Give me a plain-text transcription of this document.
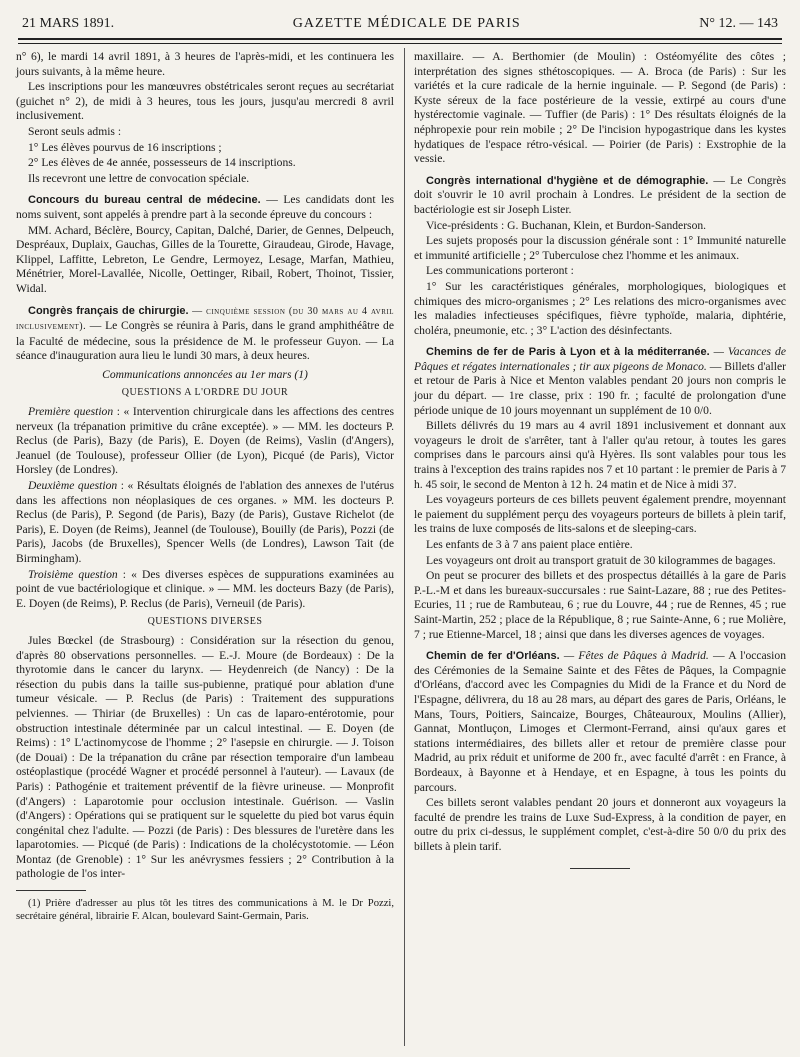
21 MARS 1891.	GAZETTE MÉDICALE DE PARIS	N° 12. — 143

n° 6), le mardi 14 avril 1891, à 3 heures de l'après-midi, et les continuera les jours suivants, à la même heure.

Les inscriptions pour les manœuvres obstétricales seront reçues au secrétariat (guichet n° 2), de midi à 3 heures, tous les jours, jusqu'au mercredi 8 avril inclusivement.

Seront seuls admis :

1° Les élèves pourvus de 16 inscriptions ;

2° Les élèves de 4e année, possesseurs de 14 inscriptions.

Ils recevront une lettre de convocation spéciale.

Concours du bureau central de médecine. — Les candidats dont les noms suivent, sont appelés à prendre part à la seconde épreuve du concours :

MM. Achard, Béclère, Bourcy, Capitan, Dalché, Darier, de Gennes, Delpeuch, Despréaux, Duplaix, Gauchas, Gilles de la Tourette, Giraudeau, Girode, Havage, Klippel, Laffitte, Lebreton, Le Gendre, Lermoyez, Lesage, Marfan, Mathieu, Ménétrier, Morel-Lavallée, Nicolle, Oettinger, Ribail, Robert, Thoinot, Tissier, Widal.

Congrès français de chirurgie. — cinquième session (du 30 mars au 4 avril inclusivement). — Le Congrès se réunira à Paris, dans le grand amphithéâtre de la Faculté de médecine, sous la présidence de M. le professeur Guyon. — La séance d'inauguration aura lieu le lundi 30 mars, à deux heures.

Communications annoncées au 1er mars (1)

QUESTIONS A L'ORDRE DU JOUR

Première question : « Intervention chirurgicale dans les affections des centres nerveux (la trépanation primitive du crâne exceptée). » — MM. les docteurs P. Reclus (de Paris), Bazy (de Paris), E. Doyen (de Reims), Vaslin (d'Angers), Jeanuel (de Toulouse), professeur Ollier (de Lyon), Picqué (de Paris), Victor Horsley (de Londres).

Deuxième question : « Résultats éloignés de l'ablation des annexes de l'utérus dans les affections non néoplasiques de ces organes. » MM. les docteurs P. Reclus (de Paris), P. Segond (de Paris), Bazy (de Paris), Gustave Richelot (de Paris), E. Doyen (de Reims), Jeannel (de Toulouse), Bouilly (de Paris), Pozzi (de Paris), Jacobs (de Bruxelles), Spencer Wells (de Londres), Lawson Tait (de Birmingham).

Troisième question : « Des diverses espèces de suppurations examinées au point de vue bactériologique et clinique. » — MM. les docteurs Bazy (de Paris), E. Doyen (de Reims), P. Reclus (de Paris), Verneuil (de Paris).

QUESTIONS DIVERSES

Jules Bœckel (de Strasbourg) : Considération sur la résection du genou, d'après 80 observations personnelles. — E.-J. Moure (de Bordeaux) : De la thyrotomie dans le cancer du larynx. — Heydenreich (de Nancy) : De la résection du pubis dans la taille sus-pubienne, pratiqué pour ablation d'une tumeur vésicale. — P. Reclus (de Paris) : Traitement des suppurations pelviennes. — Thiriar (de Bruxelles) : Un cas de laparo-entérotomie, pour obstruction intestinale déterminée par un calcul intestinal. — E. Doyen (de Reims) : 1° L'actinomycose de l'homme ; 2° l'asepsie en chirurgie. — J. Toison (de Douai) : De la trépanation du crâne par résection temporaire d'un lambeau ostéoplastique (procédé Wagner et procédé personnel à l'auteur). — Lavaux (de Paris) : Pathogénie et traitement préventif de la fièvre urineuse. — Monprofit (d'Angers) : Laparotomie pour occlusion intestinale. Guérison. — Vaslin (d'Angers) : Opérations qui se pratiquent sur le squelette du pied bot varus équin congénital chez l'adulte. — Pozzi (de Paris) : Des blessures de l'uretère dans les laparotomies. — Picqué (de Paris) : Indications de la cholécystotomie. — Léon Montaz (de Grenoble) : 1° Sur les anévrysmes fessiers ; 2° Contribution à la pathologie de l'os inter-

(1) Prière d'adresser au plus tôt les titres des communications à M. le Dr Pozzi, secrétaire général, librairie F. Alcan, boulevard Saint-Germain, Paris.

maxillaire. — A. Berthomier (de Moulin) : Ostéomyélite des côtes ; interprétation des signes sthétoscopiques. — A. Broca (de Paris) : Sur les variétés et la cure radicale de la hernie inguinale. — P. Segond (de Paris) : Kyste séreux de la face postérieure de la vessie, extirpé au cours d'une hystérectomie vaginale. — Tuffier (de Paris) : 1° Des résultats éloignés de la néphropexie pour rein mobile ; 2° De l'incision hypogastrique dans les kystes hydatiques de l'espace rétro-vésical. — Poirier (de Paris) : Exstrophie de la vessie.

Congrès international d'hygiène et de démographie. — Le Congrès doit s'ouvrir le 10 avril prochain à Londres. Le président de la section de bactériologie est sir Joseph Lister.

Vice-présidents : G. Buchanan, Klein, et Burdon-Sanderson.

Les sujets proposés pour la discussion générale sont : 1° Immunité naturelle et immunité artificielle ; 2° Tuberculose chez l'homme et les animaux.

Les communications porteront :

1° Sur les caractéristiques générales, morphologiques, biologiques et chimiques des micro-organismes ; 2° Les relations des micro-organismes avec les maladies infectieuses spécifiques, fièvre typhoïde, malaria, diphtérie, choléra, pneumonie, etc. ; 3° L'action des désinfectants.

Chemins de fer de Paris à Lyon et à la méditerranée. — Vacances de Pâques et régates internationales ; tir aux pigeons de Monaco. — Billets d'aller et retour de Paris à Nice et Menton valables pendant 20 jours non compris le jour du départ. — 1re classe, prix : 190 fr. ; faculté de prolongation d'une période unique de 10 jours moyennant un supplément de 10 0/0.

Billets délivrés du 19 mars au 4 avril 1891 inclusivement et donnant aux voyageurs le droit de s'arrêter, tant à l'aller qu'au retour, à toutes les gares comprises dans le parcours ainsi qu'à Hyères. Ils sont valables pour tous les trains à l'exception des trains rapides nos 7 et 10 partant : le premier de Paris à 7 h. 45 soir, le second de Menton à 12 h. 24 matin et de Nice à midi 37.

Les voyageurs porteurs de ces billets peuvent également prendre, moyennant le paiement du supplément perçu des voyageurs porteurs de billets à plein tarif, les trains de luxe composés de lits-salons et de sleeping-cars.

Les enfants de 3 à 7 ans paient place entière.

Les voyageurs ont droit au transport gratuit de 30 kilogrammes de bagages.

On peut se procurer des billets et des prospectus détaillés à la gare de Paris P.-L.-M et dans les bureaux-succursales : rue Saint-Lazare, 88 ; rue des Petites-Ecuries, 11 ; rue de Rambuteau, 6 ; rue du Louvre, 44 ; rue de Rennes, 45 ; rue Saint-Martin, 252 ; place de la République, 8 ; rue Sainte-Anne, 6 ; rue Molière, 7 ; rue Etienne-Marcel, 18 ; ainsi que dans les diverses agences de voyages.

Chemin de fer d'Orléans. — Fêtes de Pâques à Madrid. — A l'occasion des Cérémonies de la Semaine Sainte et des Fêtes de Pâques, la Compagnie d'Orléans, d'accord avec les Compagnies du Midi de la France et du Nord de l'Espagne, délivrera, du 18 au 28 mars, au départ des gares de Paris, Orléans, le Mans, Tours, Poitiers, Saincaize, Bourges, Châteauroux, Moulins (Allier), Gannat, Montluçon, Limoges et Clermont-Ferrand, ainsi qu'aux gares et stations intermédiaires, des billets aller et retour de première classe pour Madrid, au prix réduit et uniforme de 200 fr., avec faculté d'arrêt : en France, à Bordeaux, à Bayonne et à Hendaye, et en Espagne, à tous les points du parcours.

Ces billets seront valables pendant 20 jours et donneront aux voyageurs la faculté de prendre les trains de Luxe Sud-Express, à la condition de payer, en outre du prix ci-dessus, le supplément complet, c'est-à-dire 50 0/0 du prix des billets à plein tarif.
